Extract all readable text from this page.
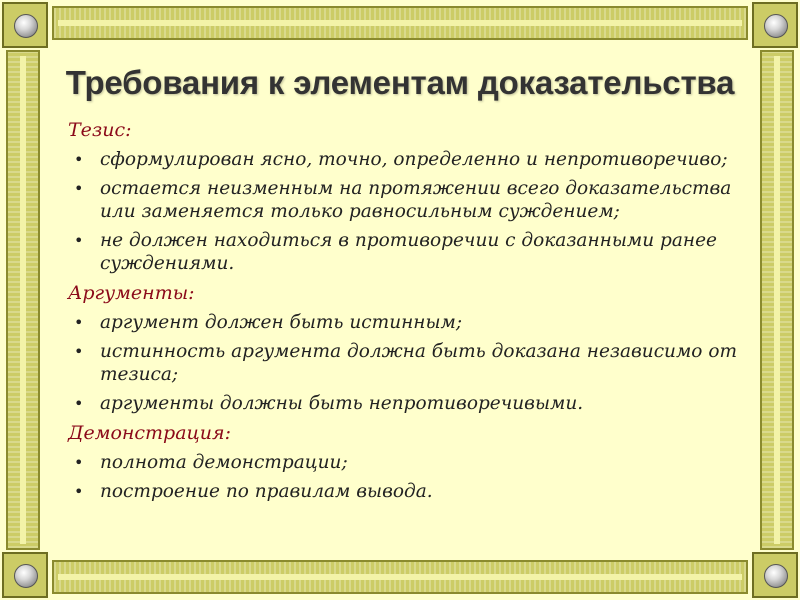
Требования к элементам доказательства
Тезис:
• сформулирован ясно, точно, определенно и непротиворечиво;
• остается неизменным на протяжении всего доказательства или заменяется только равносильным суждением;
• не должен находиться в противоречии с доказанными ранее суждениями.
Аргументы:
• аргумент должен быть истинным;
• истинность аргумента должна быть доказана независимо от тезиса;
• аргументы должны быть непротиворечивыми.
Демонстрация:
• полнота демонстрации;
• построение по правилам вывода.
